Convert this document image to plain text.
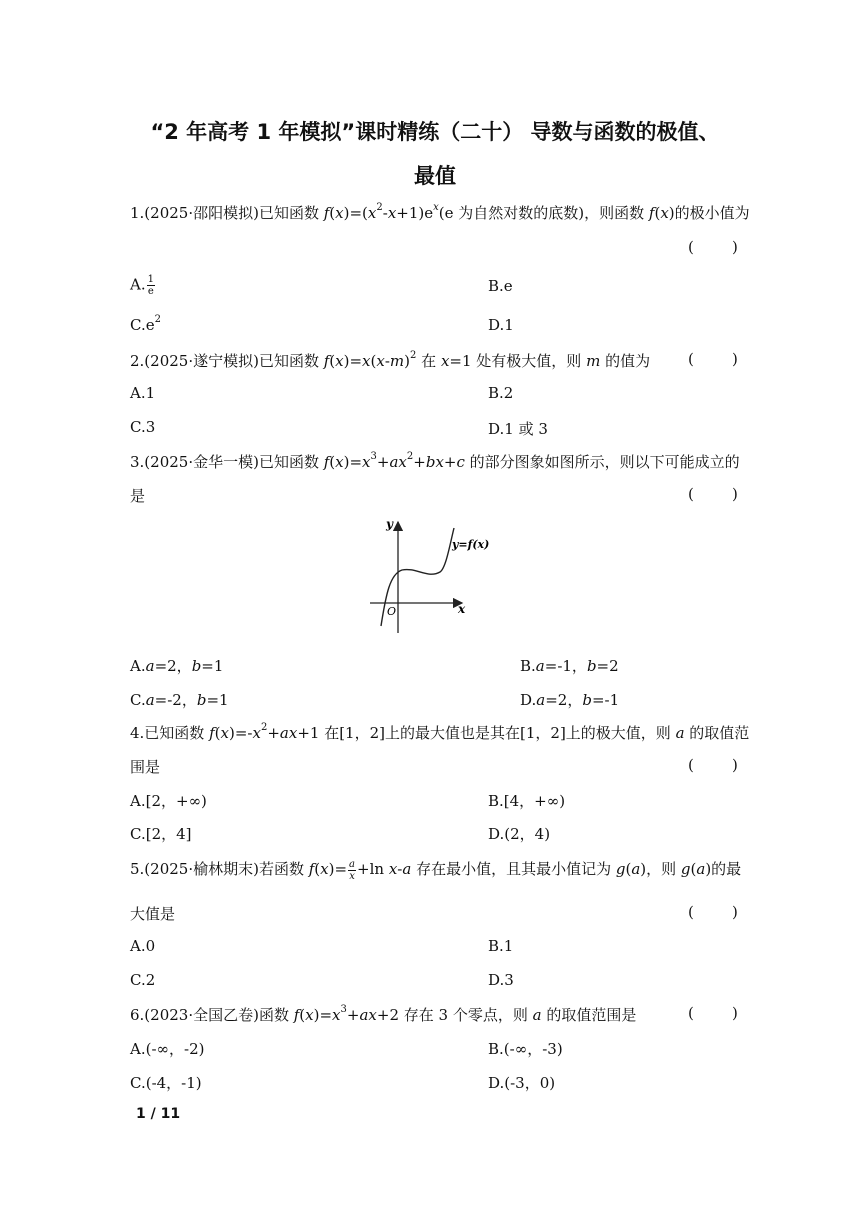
“2 年高考 1 年模拟”课时精练（二十） 导数与函数的极值、
最值
1.(2025·邵阳模拟)已知函数 $f(x)=(x^2-x+1)e^x(e$ 为自然对数的底数)，则函数 f(x)的极小值为
(        )
A. $\frac{1}{e}$	B.e
$C.e^2$	D.1
2.(2025·遂宁模拟)已知函数 $f(x)=x(x-m)^2$ 在 x=1 处有极大值，则 m 的值为	(        )
A.1	B.2
C.3	D.1 或 3
3.(2025·金华一模)已知函数 $f(x)=x^3+ax^2+bx+c$ 的部分图象如图所示，则以下可能成立的
是	(        )
y
x
O
y=f(x)
A.a=2，b=1	B.a=-1，b=2
C.a=-2，b=1	D.a=2，b=-1
4.已知函数 $f(x)=-x^2+ax+1$ 在[1，2]上的最大值也是其在[1，2]上的极大值，则 a 的取值范
围是	(        )
A.[2，+∞)	B.[4，+∞)
C.[2，4]	D.(2，4)
5.(2025·榆林期末)若函数 $f(x)= \frac{a}{x} +\ln$ x-a 存在最小值，且其最小值记为 g(a)，则 g(a)的最
大值是	(        )
A.0	B.1
C.2	D.3
6.(2023·全国乙卷)函数 $f(x)=x^3+ax+2$ 存在 3 个零点，则 a 的取值范围是	(        )
A.(-∞，-2)	B.(-∞，-3)
C.(-4，-1)	D.(-3，0)
1 / 11
